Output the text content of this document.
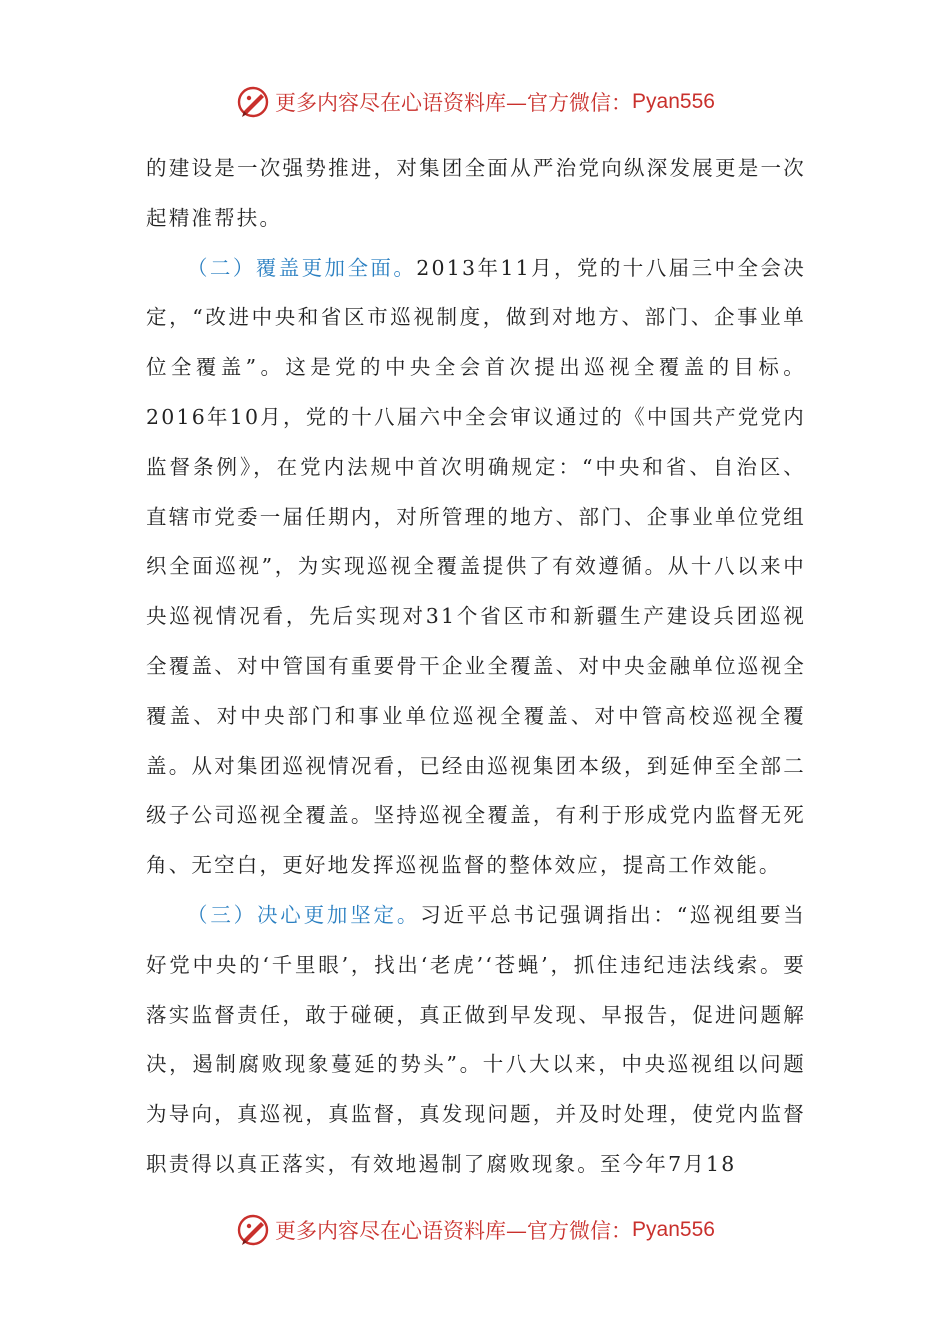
更多内容尽在心语资料库— 官方微信： Pyan556

的建设是一次强势推进，对集团全面从严治党向纵深发展更是一次起精准帮扶。

（二）覆盖更加全面。2013年11月，党的十八届三中全会决定，“改进中央和省区市巡视制度，做到对地方、部门、企事业单位全覆盖”。这是党的中央全会首次提出巡视全覆盖的目标。2016年10月，党的十八届六中全会审议通过的《中国共产党党内监督条例》，在党内法规中首次明确规定：“中央和省、自治区、直辖市党委一届任期内，对所管理的地方、部门、企事业单位党组织全面巡视”，为实现巡视全覆盖提供了有效遵循。从十八以来中央巡视情况看，先后实现对31个省区市和新疆生产建设兵团巡视全覆盖、对中管国有重要骨干企业全覆盖、对中央金融单位巡视全覆盖、对中央部门和事业单位巡视全覆盖、对中管高校巡视全覆盖。从对集团巡视情况看，已经由巡视集团本级，到延伸至全部二级子公司巡视全覆盖。坚持巡视全覆盖，有利于形成党内监督无死角、无空白，更好地发挥巡视监督的整体效应，提高工作效能。

（三）决心更加坚定。习近平总书记强调指出：“巡视组要当好党中央的‘千里眼’，找出‘老虎’‘苍蝇’，抓住违纪违法线索。要落实监督责任，敢于碰硬，真正做到早发现、早报告，促进问题解决，遏制腐败现象蔓延的势头”。十八大以来，中央巡视组以问题为导向，真巡视，真监督，真发现问题，并及时处理，使党内监督职责得以真正落实，有效地遏制了腐败现象。至今年7月18

更多内容尽在心语资料库— 官方微信： Pyan556
